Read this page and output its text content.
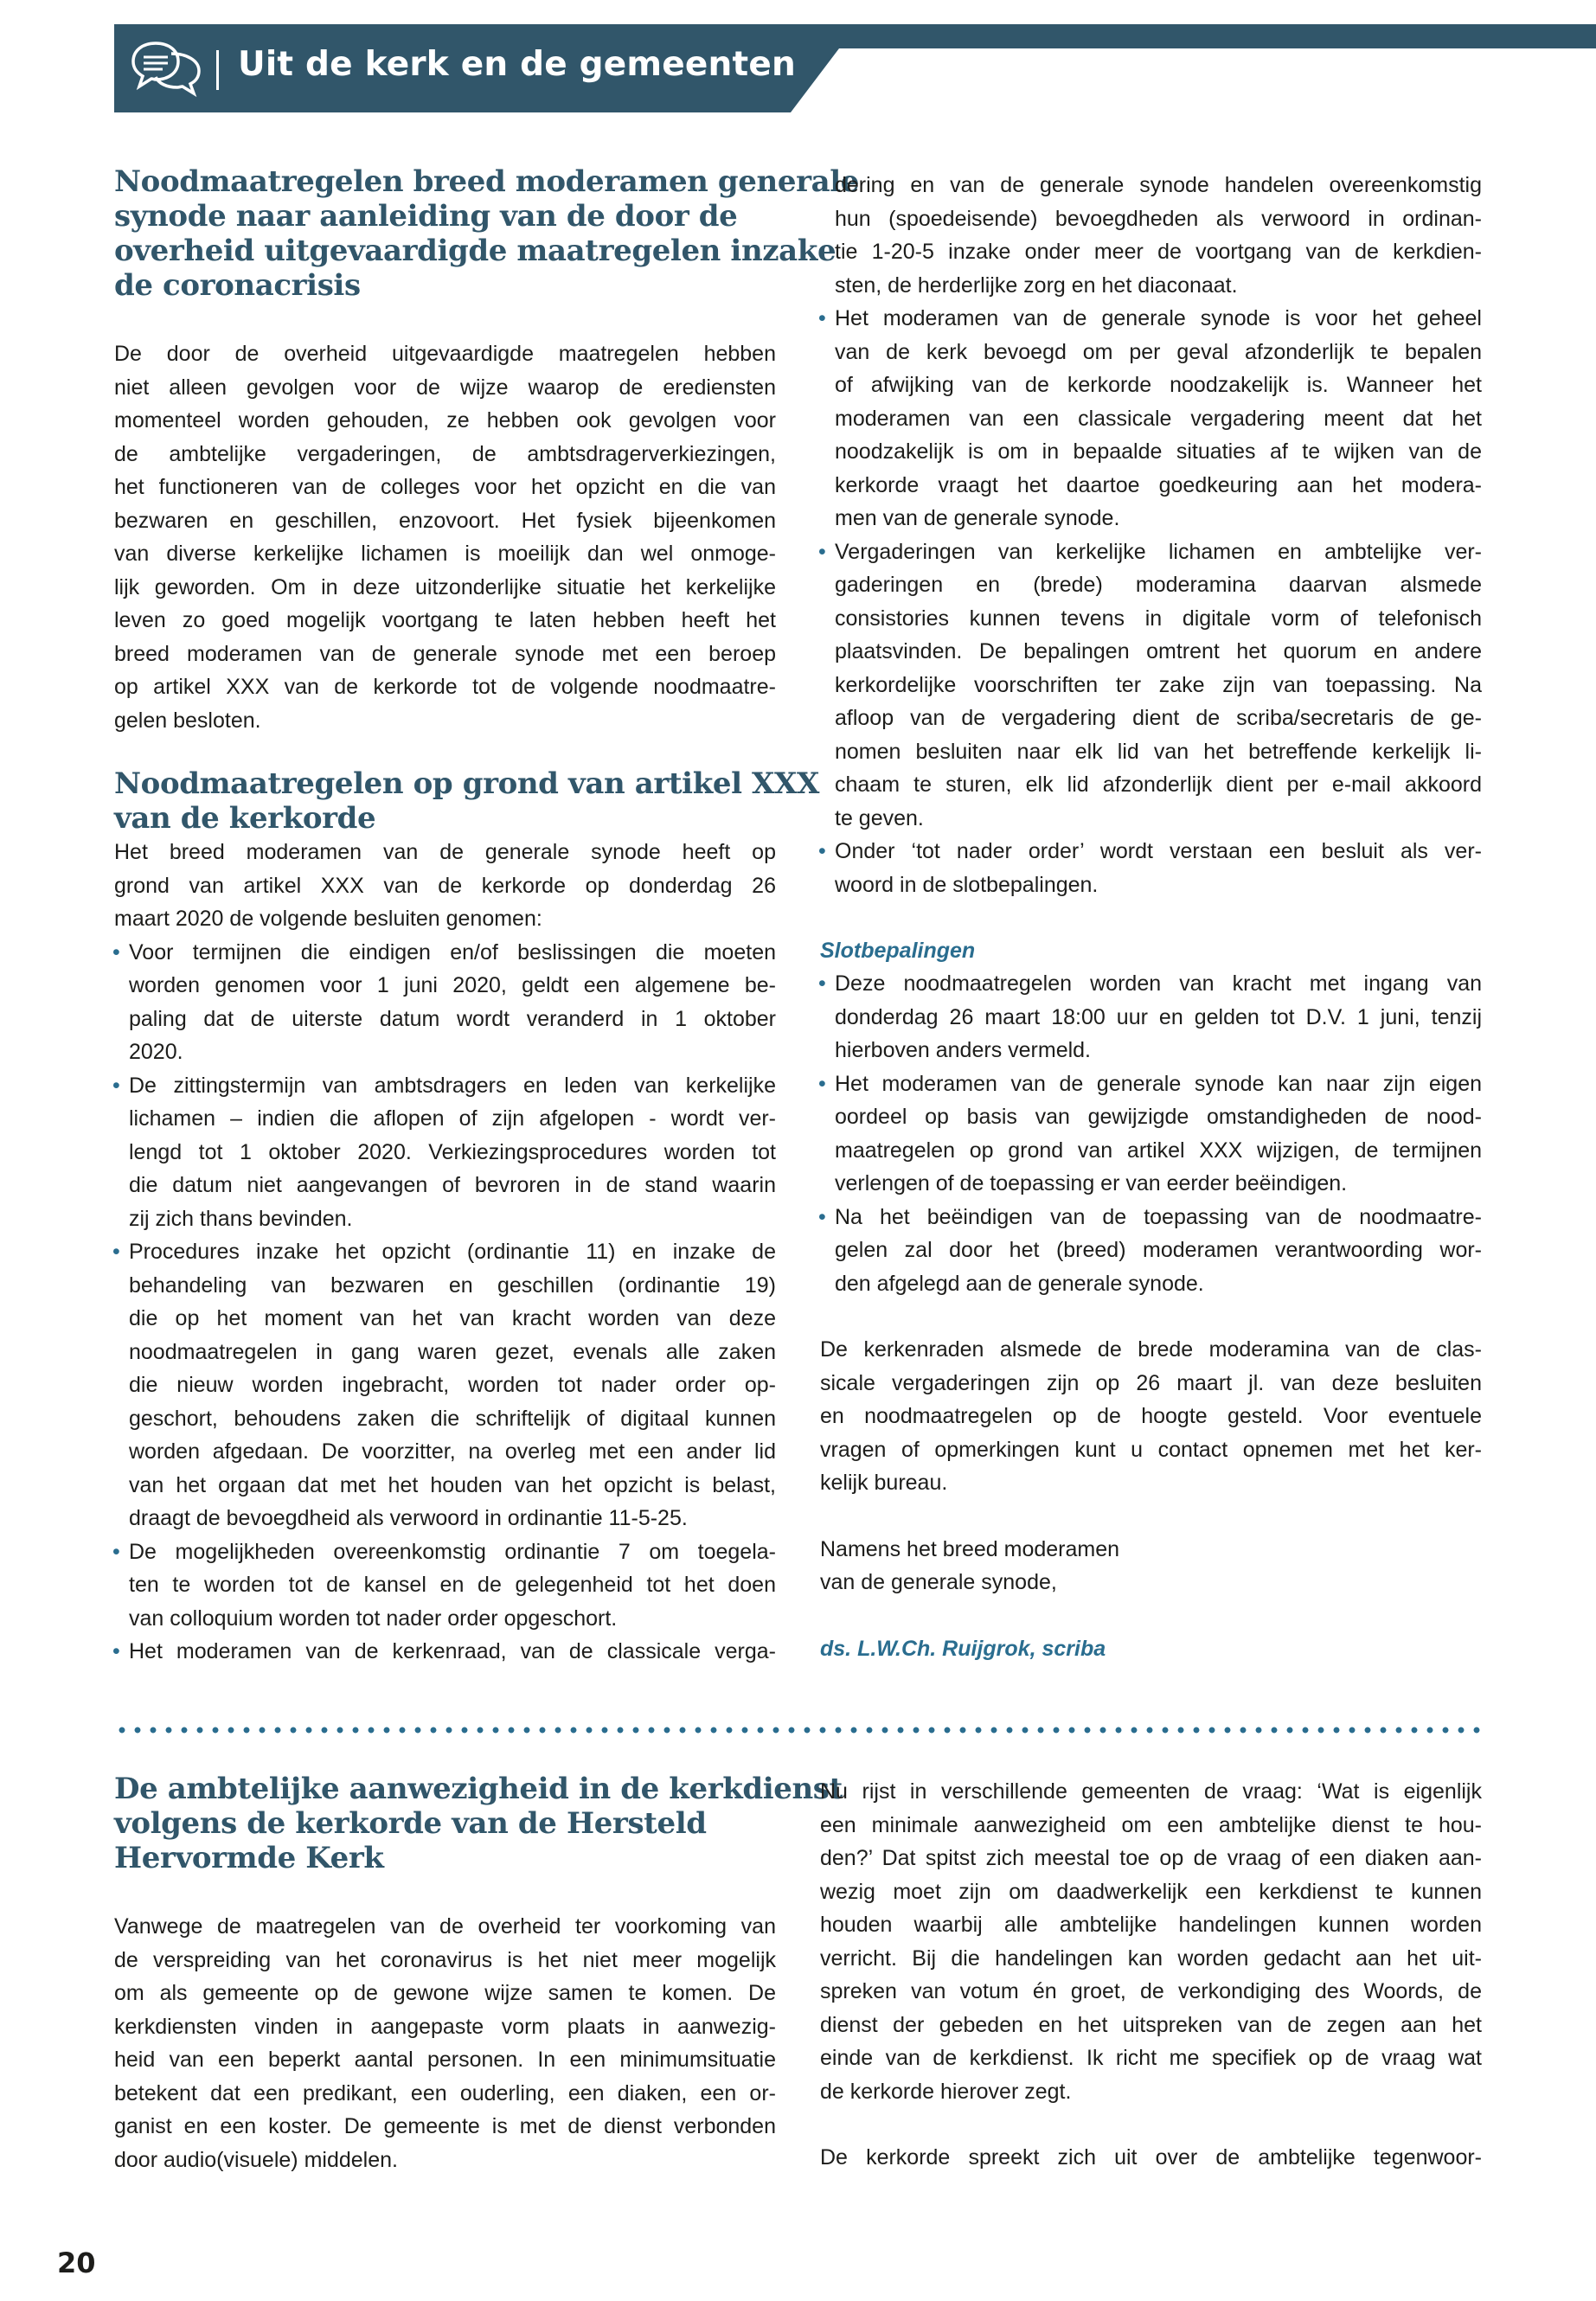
Uit de kerk en de gemeenten
Noodmaatregelen breed moderamen generale
synode naar aanleiding van de door de
overheid uitgevaardigde maatregelen inzake
de coronacrisis
De door de overheid uitgevaardigde maatregelen hebben
niet alleen gevolgen voor de wijze waarop de erediensten
momenteel worden gehouden, ze hebben ook gevolgen voor
de ambtelijke vergaderingen, de ambtsdragerverkiezingen,
het functioneren van de colleges voor het opzicht en die van
bezwaren en geschillen, enzovoort. Het fysiek bijeenkomen
van diverse kerkelijke lichamen is moeilijk dan wel onmoge-
lijk geworden. Om in deze uitzonderlijke situatie het kerkelijke
leven zo goed mogelijk voortgang te laten hebben heeft het
breed moderamen van de generale synode met een beroep
op artikel XXX van de kerkorde tot de volgende noodmaatre-
gelen besloten.
Noodmaatregelen op grond van artikel XXX
van de kerkorde
Het breed moderamen van de generale synode heeft op
grond van artikel XXX van de kerkorde op donderdag 26
maart 2020 de volgende besluiten genomen:
• Voor termijnen die eindigen en/of beslissingen die moeten
worden genomen voor 1 juni 2020, geldt een algemene be-
paling dat de uiterste datum wordt veranderd in 1 oktober
2020.
• De zittingstermijn van ambtsdragers en leden van kerkelijke
lichamen – indien die aflopen of zijn afgelopen - wordt ver-
lengd tot 1 oktober 2020. Verkiezingsprocedures worden tot
die datum niet aangevangen of bevroren in de stand waarin
zij zich thans bevinden.
• Procedures inzake het opzicht (ordinantie 11) en inzake de
behandeling van bezwaren en geschillen (ordinantie 19)
die op het moment van het van kracht worden van deze
noodmaatregelen in gang waren gezet, evenals alle zaken
die nieuw worden ingebracht, worden tot nader order op-
geschort, behoudens zaken die schriftelijk of digitaal kunnen
worden afgedaan. De voorzitter, na overleg met een ander lid
van het orgaan dat met het houden van het opzicht is belast,
draagt de bevoegdheid als verwoord in ordinantie 11-5-25.
• De mogelijkheden overeenkomstig ordinantie 7 om toegela-
ten te worden tot de kansel en de gelegenheid tot het doen
van colloquium worden tot nader order opgeschort.
• Het moderamen van de kerkenraad, van de classicale verga-
dering en van de generale synode handelen overeenkomstig
hun (spoedeisende) bevoegdheden als verwoord in ordinan-
tie 1-20-5 inzake onder meer de voortgang van de kerkdien-
sten, de herderlijke zorg en het diaconaat.
• Het moderamen van de generale synode is voor het geheel
van de kerk bevoegd om per geval afzonderlijk te bepalen
of afwijking van de kerkorde noodzakelijk is. Wanneer het
moderamen van een classicale vergadering meent dat het
noodzakelijk is om in bepaalde situaties af te wijken van de
kerkorde vraagt het daartoe goedkeuring aan het modera-
men van de generale synode.
• Vergaderingen van kerkelijke lichamen en ambtelijke ver-
gaderingen en (brede) moderamina daarvan alsmede
consistories kunnen tevens in digitale vorm of telefonisch
plaatsvinden. De bepalingen omtrent het quorum en andere
kerkordelijke voorschriften ter zake zijn van toepassing. Na
afloop van de vergadering dient de scriba/secretaris de ge-
nomen besluiten naar elk lid van het betreffende kerkelijk li-
chaam te sturen, elk lid afzonderlijk dient per e-mail akkoord
te geven.
• Onder ‘tot nader order’ wordt verstaan een besluit als ver-
woord in de slotbepalingen.
Slotbepalingen
• Deze noodmaatregelen worden van kracht met ingang van
donderdag 26 maart 18:00 uur en gelden tot D.V. 1 juni, tenzij
hierboven anders vermeld.
• Het moderamen van de generale synode kan naar zijn eigen
oordeel op basis van gewijzigde omstandigheden de nood-
maatregelen op grond van artikel XXX wijzigen, de termijnen
verlengen of de toepassing er van eerder beëindigen.
• Na het beëindigen van de toepassing van de noodmaatre-
gelen zal door het (breed) moderamen verantwoording wor-
den afgelegd aan de generale synode.
De kerkenraden alsmede de brede moderamina van de clas-
sicale vergaderingen zijn op 26 maart jl. van deze besluiten
en noodmaatregelen op de hoogte gesteld. Voor eventuele
vragen of opmerkingen kunt u contact opnemen met het ker-
kelijk bureau.
Namens het breed moderamen
van de generale synode,
ds. L.W.Ch. Ruijgrok, scriba
De ambtelijke aanwezigheid in de kerkdienst
volgens de kerkorde van de Hersteld
Hervormde Kerk
Vanwege de maatregelen van de overheid ter voorkoming van
de verspreiding van het coronavirus is het niet meer mogelijk
om als gemeente op de gewone wijze samen te komen. De
kerkdiensten vinden in aangepaste vorm plaats in aanwezig-
heid van een beperkt aantal personen. In een minimumsituatie
betekent dat een predikant, een ouderling, een diaken, een or-
ganist en een koster. De gemeente is met de dienst verbonden
door audio(visuele) middelen.
Nu rijst in verschillende gemeenten de vraag: ‘Wat is eigenlijk
een minimale aanwezigheid om een ambtelijke dienst te hou-
den?’ Dat spitst zich meestal toe op de vraag of een diaken aan-
wezig moet zijn om daadwerkelijk een kerkdienst te kunnen
houden waarbij alle ambtelijke handelingen kunnen worden
verricht. Bij die handelingen kan worden gedacht aan het uit-
spreken van votum én groet, de verkondiging des Woords, de
dienst der gebeden en het uitspreken van de zegen aan het
einde van de kerkdienst. Ik richt me specifiek op de vraag wat
de kerkorde hierover zegt.
De kerkorde spreekt zich uit over de ambtelijke tegenwoor-
20
